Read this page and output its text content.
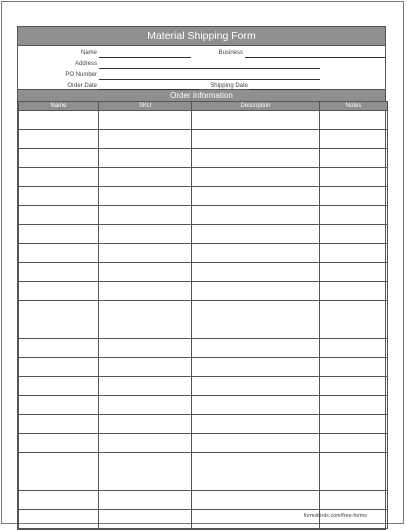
Material Shipping Form
Name	Business
Address
PO Number
Order Date	Shipping Date
Order Information
Name	SKU	Description	Notes

formsbirds.com/free-forms
